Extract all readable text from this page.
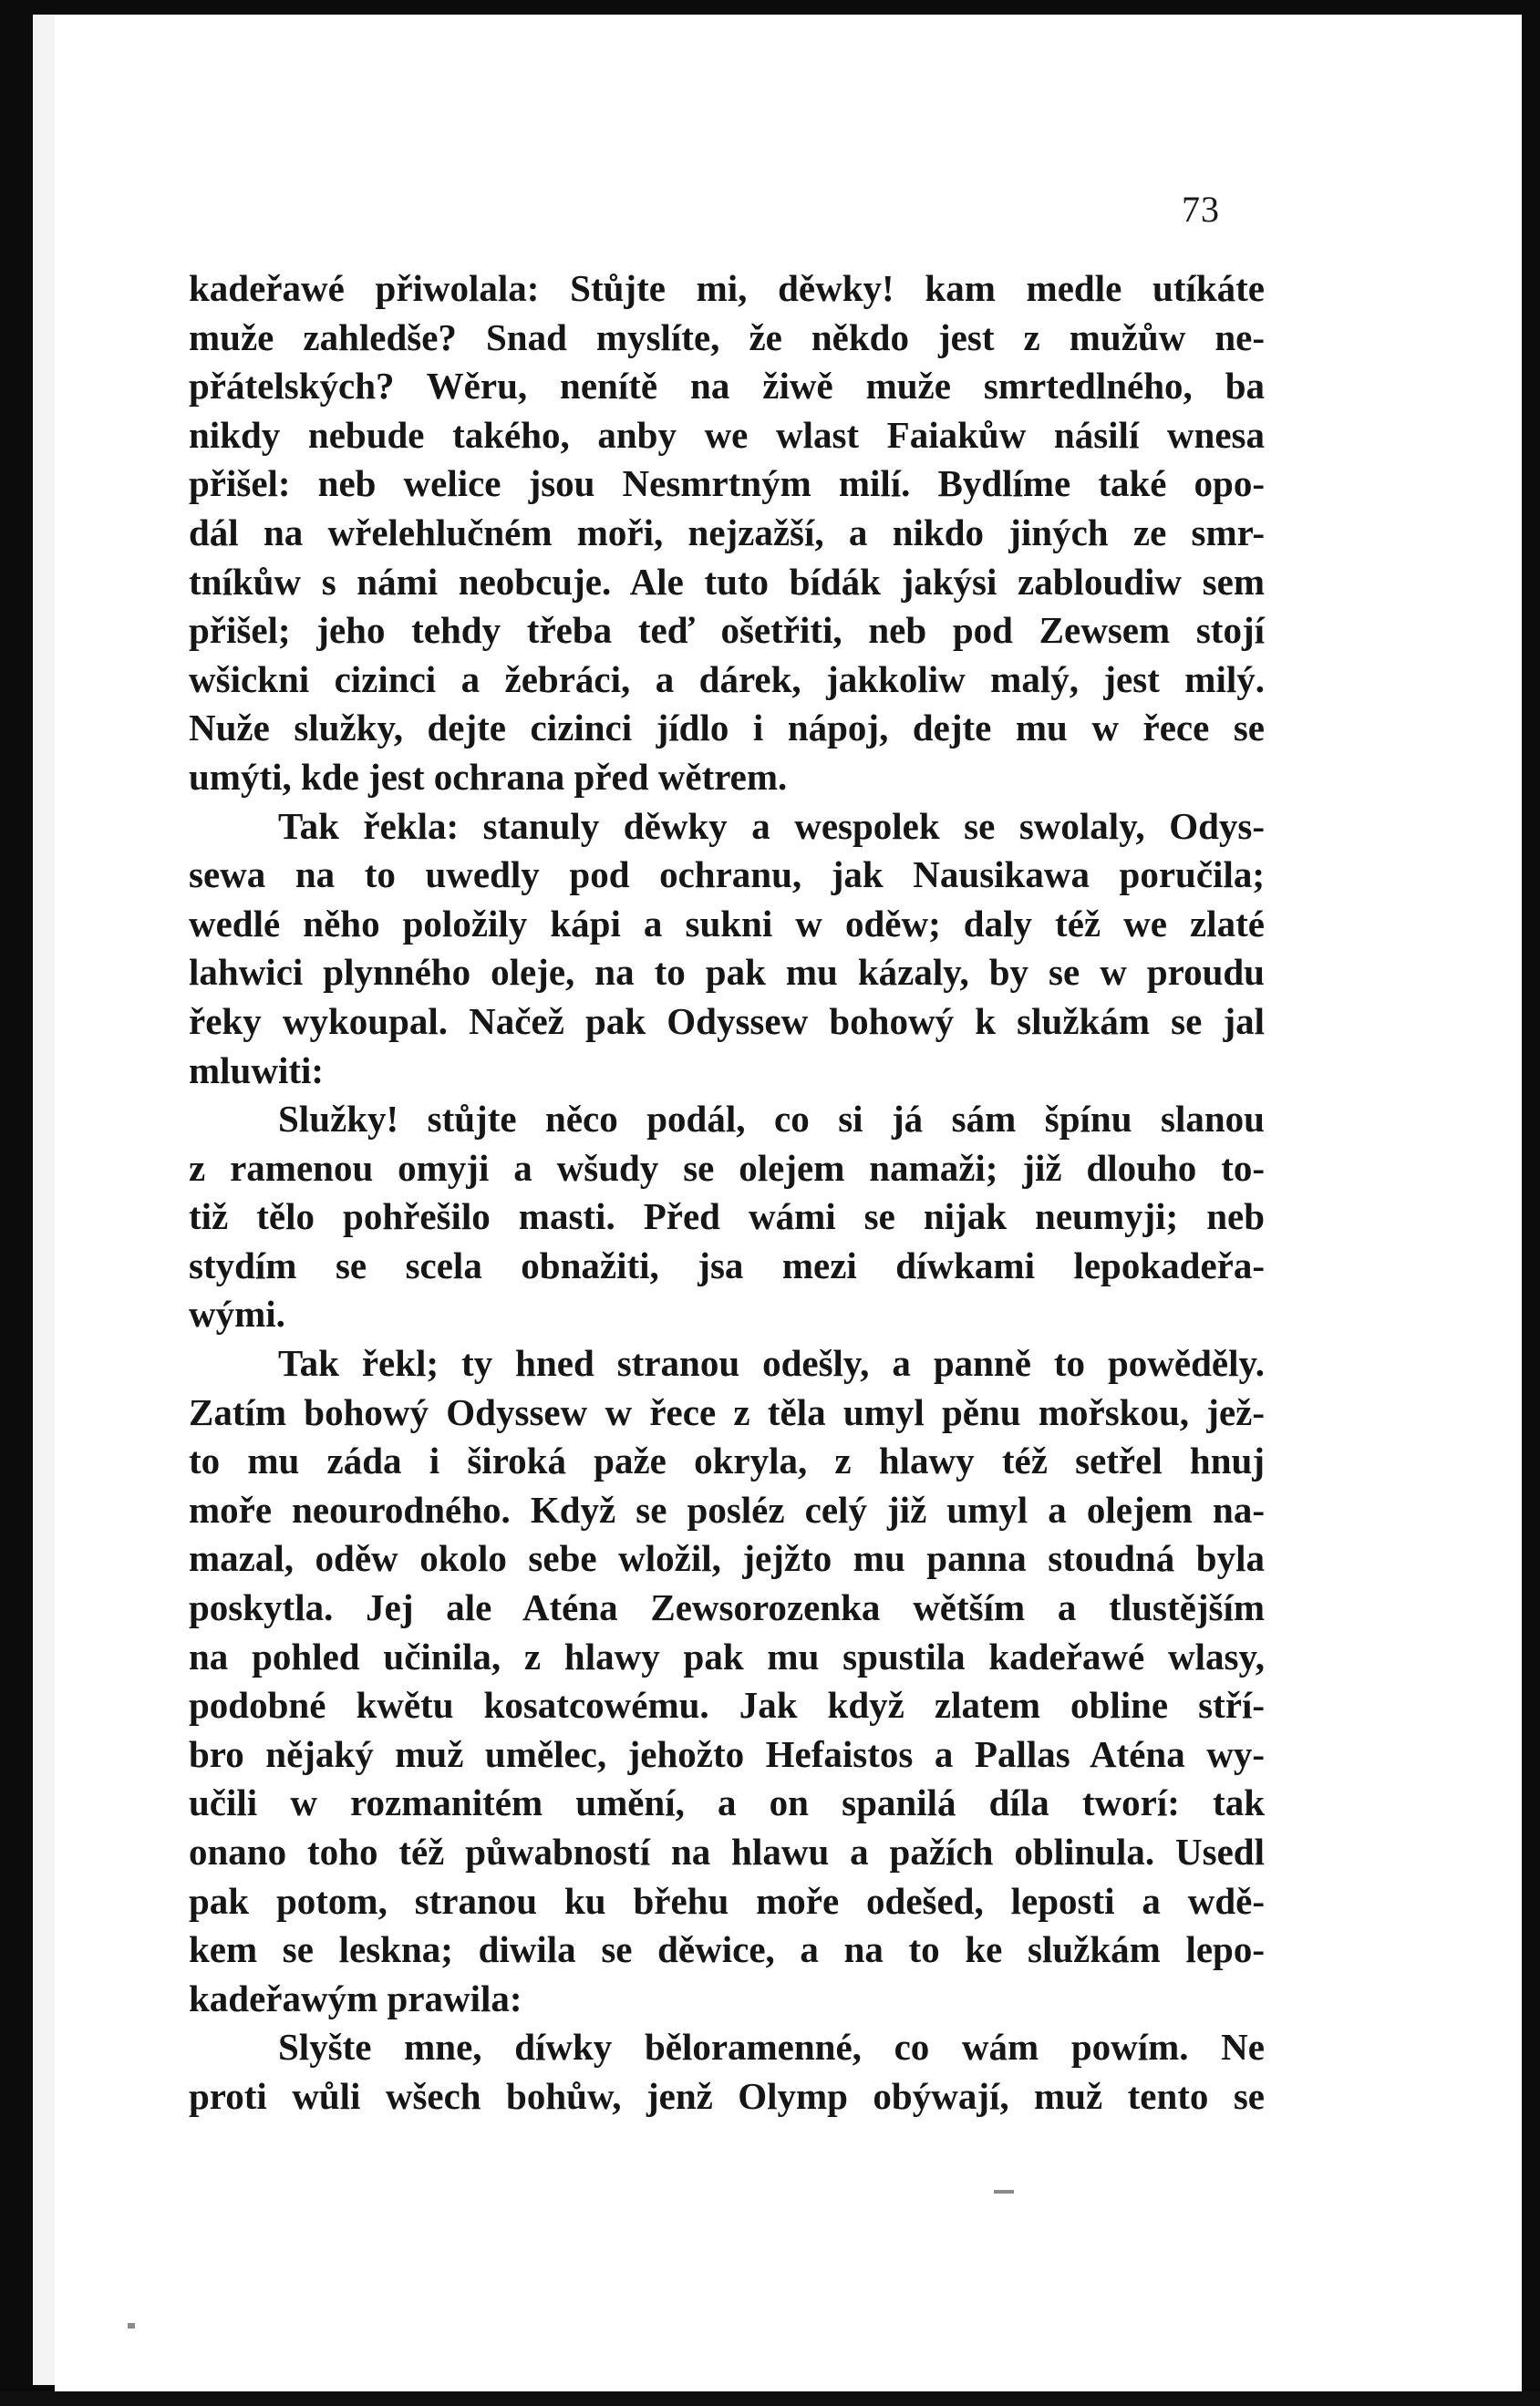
73
kadeřawé přiwolala: Stůjte mi, děwky! kam medle utíkáte
muže zahledše? Snad myslíte, že někdo jest z mužůw ne-
přátelských? Wěru, nenítě na žiwě muže smrtedlného, ba
nikdy nebude takého, anby we wlast Faiakůw násilí wnesa
přišel: neb welice jsou Nesmrtným milí. Bydlíme také opo-
dál na wřelehlučném moři, nejzažší, a nikdo jiných ze smr-
tníkůw s námi neobcuje. Ale tuto bídák jakýsi zabloudiw sem
přišel; jeho tehdy třeba teď ošetřiti, neb pod Zewsem stojí
wšickni cizinci a žebráci, a dárek, jakkoliw malý, jest milý.
Nuže služky, dejte cizinci jídlo i nápoj, dejte mu w řece se
umýti, kde jest ochrana před wětrem.
Tak řekla: stanuly děwky a wespolek se swolaly, Odys-
sewa na to uwedly pod ochranu, jak Nausikawa poručila;
wedlé něho položily kápi a sukni w oděw; daly též we zlaté
lahwici plynného oleje, na to pak mu kázaly, by se w proudu
řeky wykoupal. Načež pak Odyssew bohowý k služkám se jal
mluwiti:
Služky! stůjte něco podál, co si já sám špínu slanou
z ramenou omyji a wšudy se olejem namaži; již dlouho to-
tiž tělo pohřešilo masti. Před wámi se nijak neumyji; neb
stydím se scela obnažiti, jsa mezi díwkami lepokadeřa-
wými.
Tak řekl; ty hned stranou odešly, a panně to powěděly.
Zatím bohowý Odyssew w řece z těla umyl pěnu mořskou, jež-
to mu záda i široká paže okryla, z hlawy též setřel hnuj
moře neourodného. Když se posléz celý již umyl a olejem na-
mazal, oděw okolo sebe wložil, jejžto mu panna stoudná byla
poskytla. Jej ale Aténa Zewsorozenka wětším a tlustějším
na pohled učinila, z hlawy pak mu spustila kadeřawé wlasy,
podobné kwětu kosatcowému. Jak když zlatem obline stří-
bro nějaký muž umělec, jehožto Hefaistos a Pallas Aténa wy-
učili w rozmanitém umění, a on spanilá díla tworí: tak
onano toho též půwabností na hlawu a pažích oblinula. Usedl
pak potom, stranou ku břehu moře odešed, leposti a wdě-
kem se leskna; diwila se děwice, a na to ke služkám lepo-
kadeřawým prawila:
Slyšte mne, díwky běloramenné, co wám powím. Ne
proti wůli wšech bohůw, jenž Olymp obýwají, muž tento se
